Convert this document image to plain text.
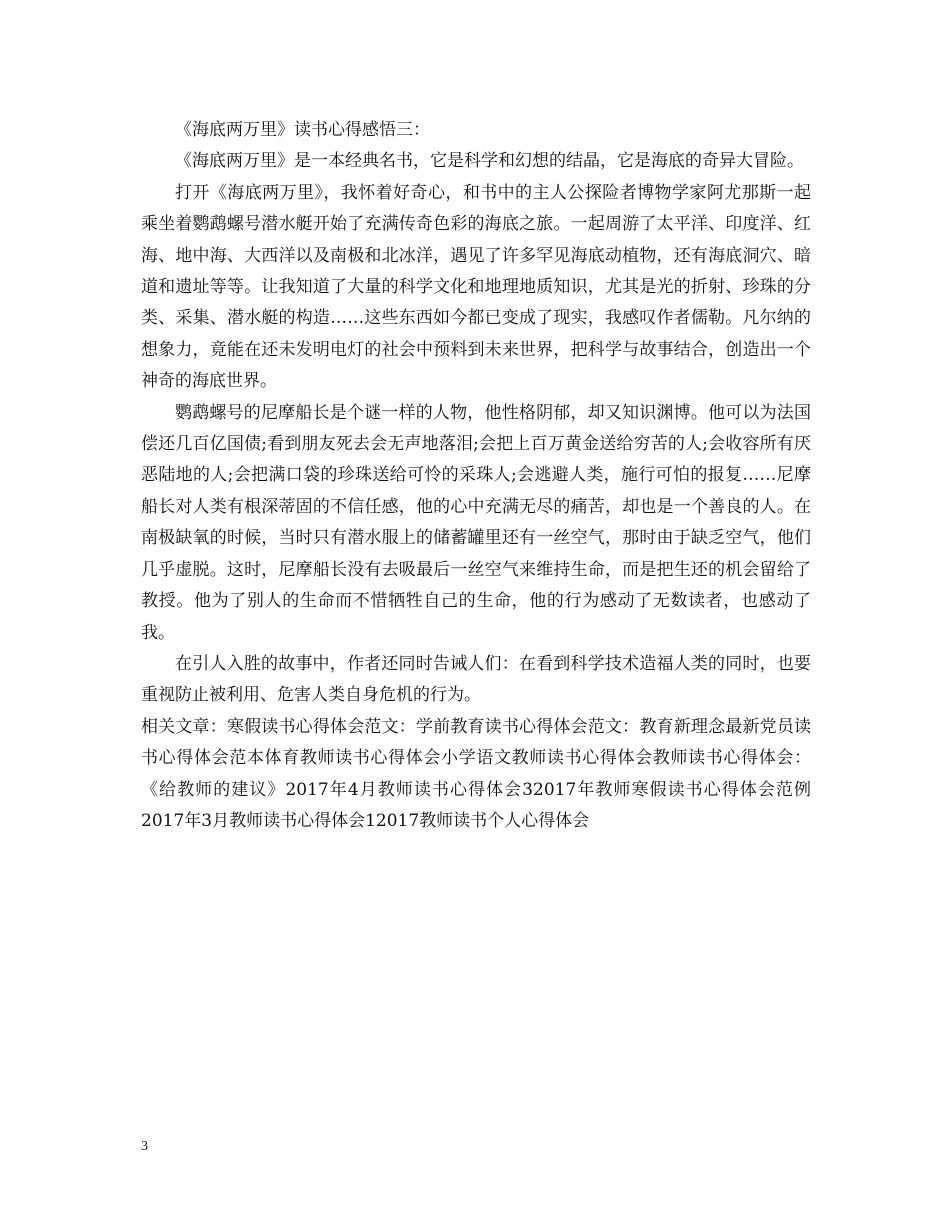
《海底两万里》读书心得感悟三：

《海底两万里》是一本经典名书，它是科学和幻想的结晶，它是海底的奇异大冒险。

打开《海底两万里》，我怀着好奇心，和书中的主人公探险者博物学家阿尤那斯一起乘坐着鹦鹉螺号潜水艇开始了充满传奇色彩的海底之旅。一起周游了太平洋、印度洋、红海、地中海、大西洋以及南极和北冰洋，遇见了许多罕见海底动植物，还有海底洞穴、暗道和遗址等等。让我知道了大量的科学文化和地理地质知识，尤其是光的折射、珍珠的分类、采集、潜水艇的构造……这些东西如今都已变成了现实，我感叹作者儒勒。凡尔纳的想象力，竟能在还未发明电灯的社会中预料到未来世界，把科学与故事结合，创造出一个神奇的海底世界。

鹦鹉螺号的尼摩船长是个谜一样的人物，他性格阴郁，却又知识渊博。他可以为法国偿还几百亿国债;看到朋友死去会无声地落泪;会把上百万黄金送给穷苦的人;会收容所有厌恶陆地的人;会把满口袋的珍珠送给可怜的采珠人;会逃避人类，施行可怕的报复……尼摩船长对人类有根深蒂固的不信任感，他的心中充满无尽的痛苦，却也是一个善良的人。在南极缺氧的时候，当时只有潜水服上的储蓄罐里还有一丝空气，那时由于缺乏空气，他们几乎虚脱。这时，尼摩船长没有去吸最后一丝空气来维持生命，而是把生还的机会留给了教授。他为了别人的生命而不惜牺牲自己的生命，他的行为感动了无数读者，也感动了我。

在引人入胜的故事中，作者还同时告诫人们：在看到科学技术造福人类的同时，也要重视防止被利用、危害人类自身危机的行为。

相关文章：寒假读书心得体会范文：学前教育读书心得体会范文：教育新理念最新党员读书心得体会范本体育教师读书心得体会小学语文教师读书心得体会教师读书心得体会：《给教师的建议》2017年4月教师读书心得体会32017年教师寒假读书心得体会范例2017年3月教师读书心得体会12017教师读书个人心得体会

3
